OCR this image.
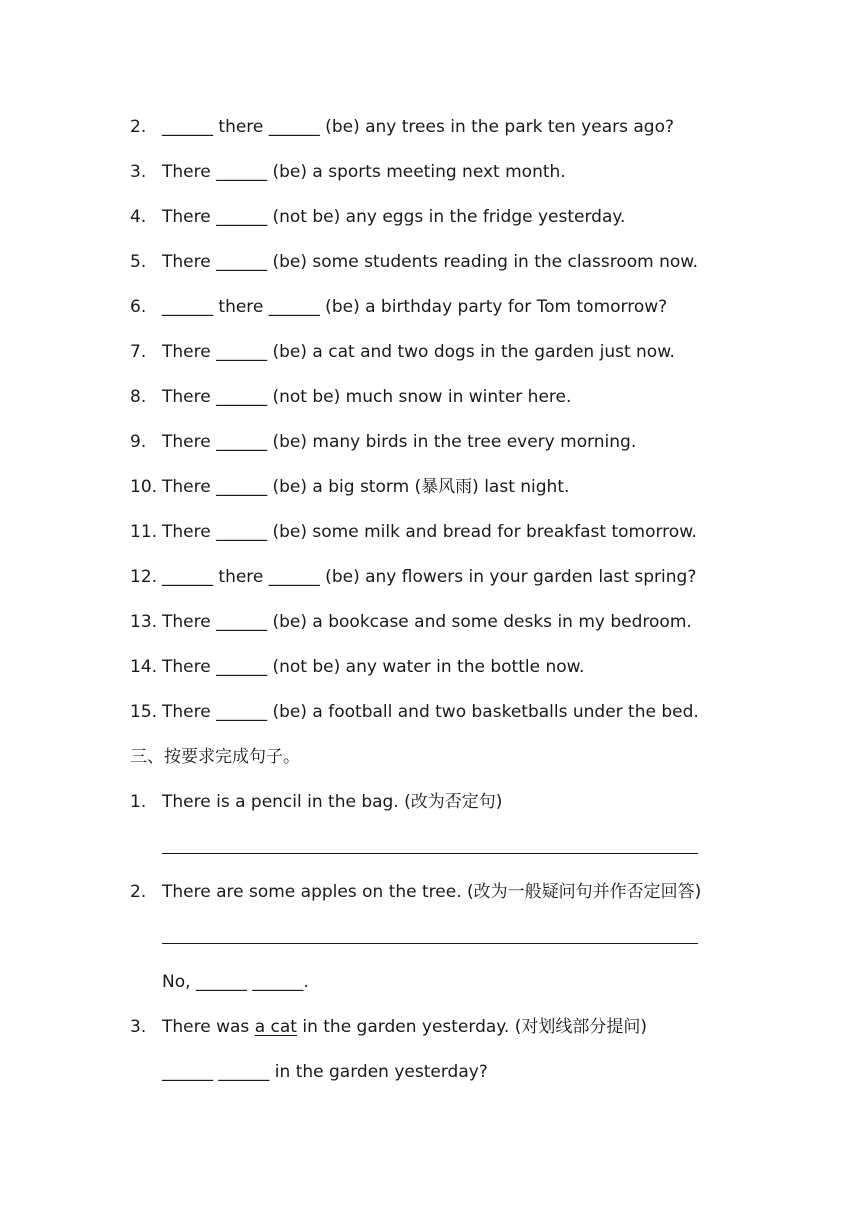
2. ______ there ______ (be) any trees in the park ten years ago?
3. There ______ (be) a sports meeting next month.
4. There ______ (not be) any eggs in the fridge yesterday.
5. There ______ (be) some students reading in the classroom now.
6. ______ there ______ (be) a birthday party for Tom tomorrow?
7. There ______ (be) a cat and two dogs in the garden just now.
8. There ______ (not be) much snow in winter here.
9. There ______ (be) many birds in the tree every morning.
10. There ______ (be) a big storm (暴风雨) last night.
11. There ______ (be) some milk and bread for breakfast tomorrow.
12. ______ there ______ (be) any flowers in your garden last spring?
13. There ______ (be) a bookcase and some desks in my bedroom.
14. There ______ (not be) any water in the bottle now.
15. There ______ (be) a football and two basketballs under the bed.
三、按要求完成句子。
1. There is a pencil in the bag. (改为否定句)
2. There are some apples on the tree. (改为一般疑问句并作否定回答)
No, ______ ______.
3. There was a cat in the garden yesterday. (对划线部分提问)
______ ______ in the garden yesterday?
